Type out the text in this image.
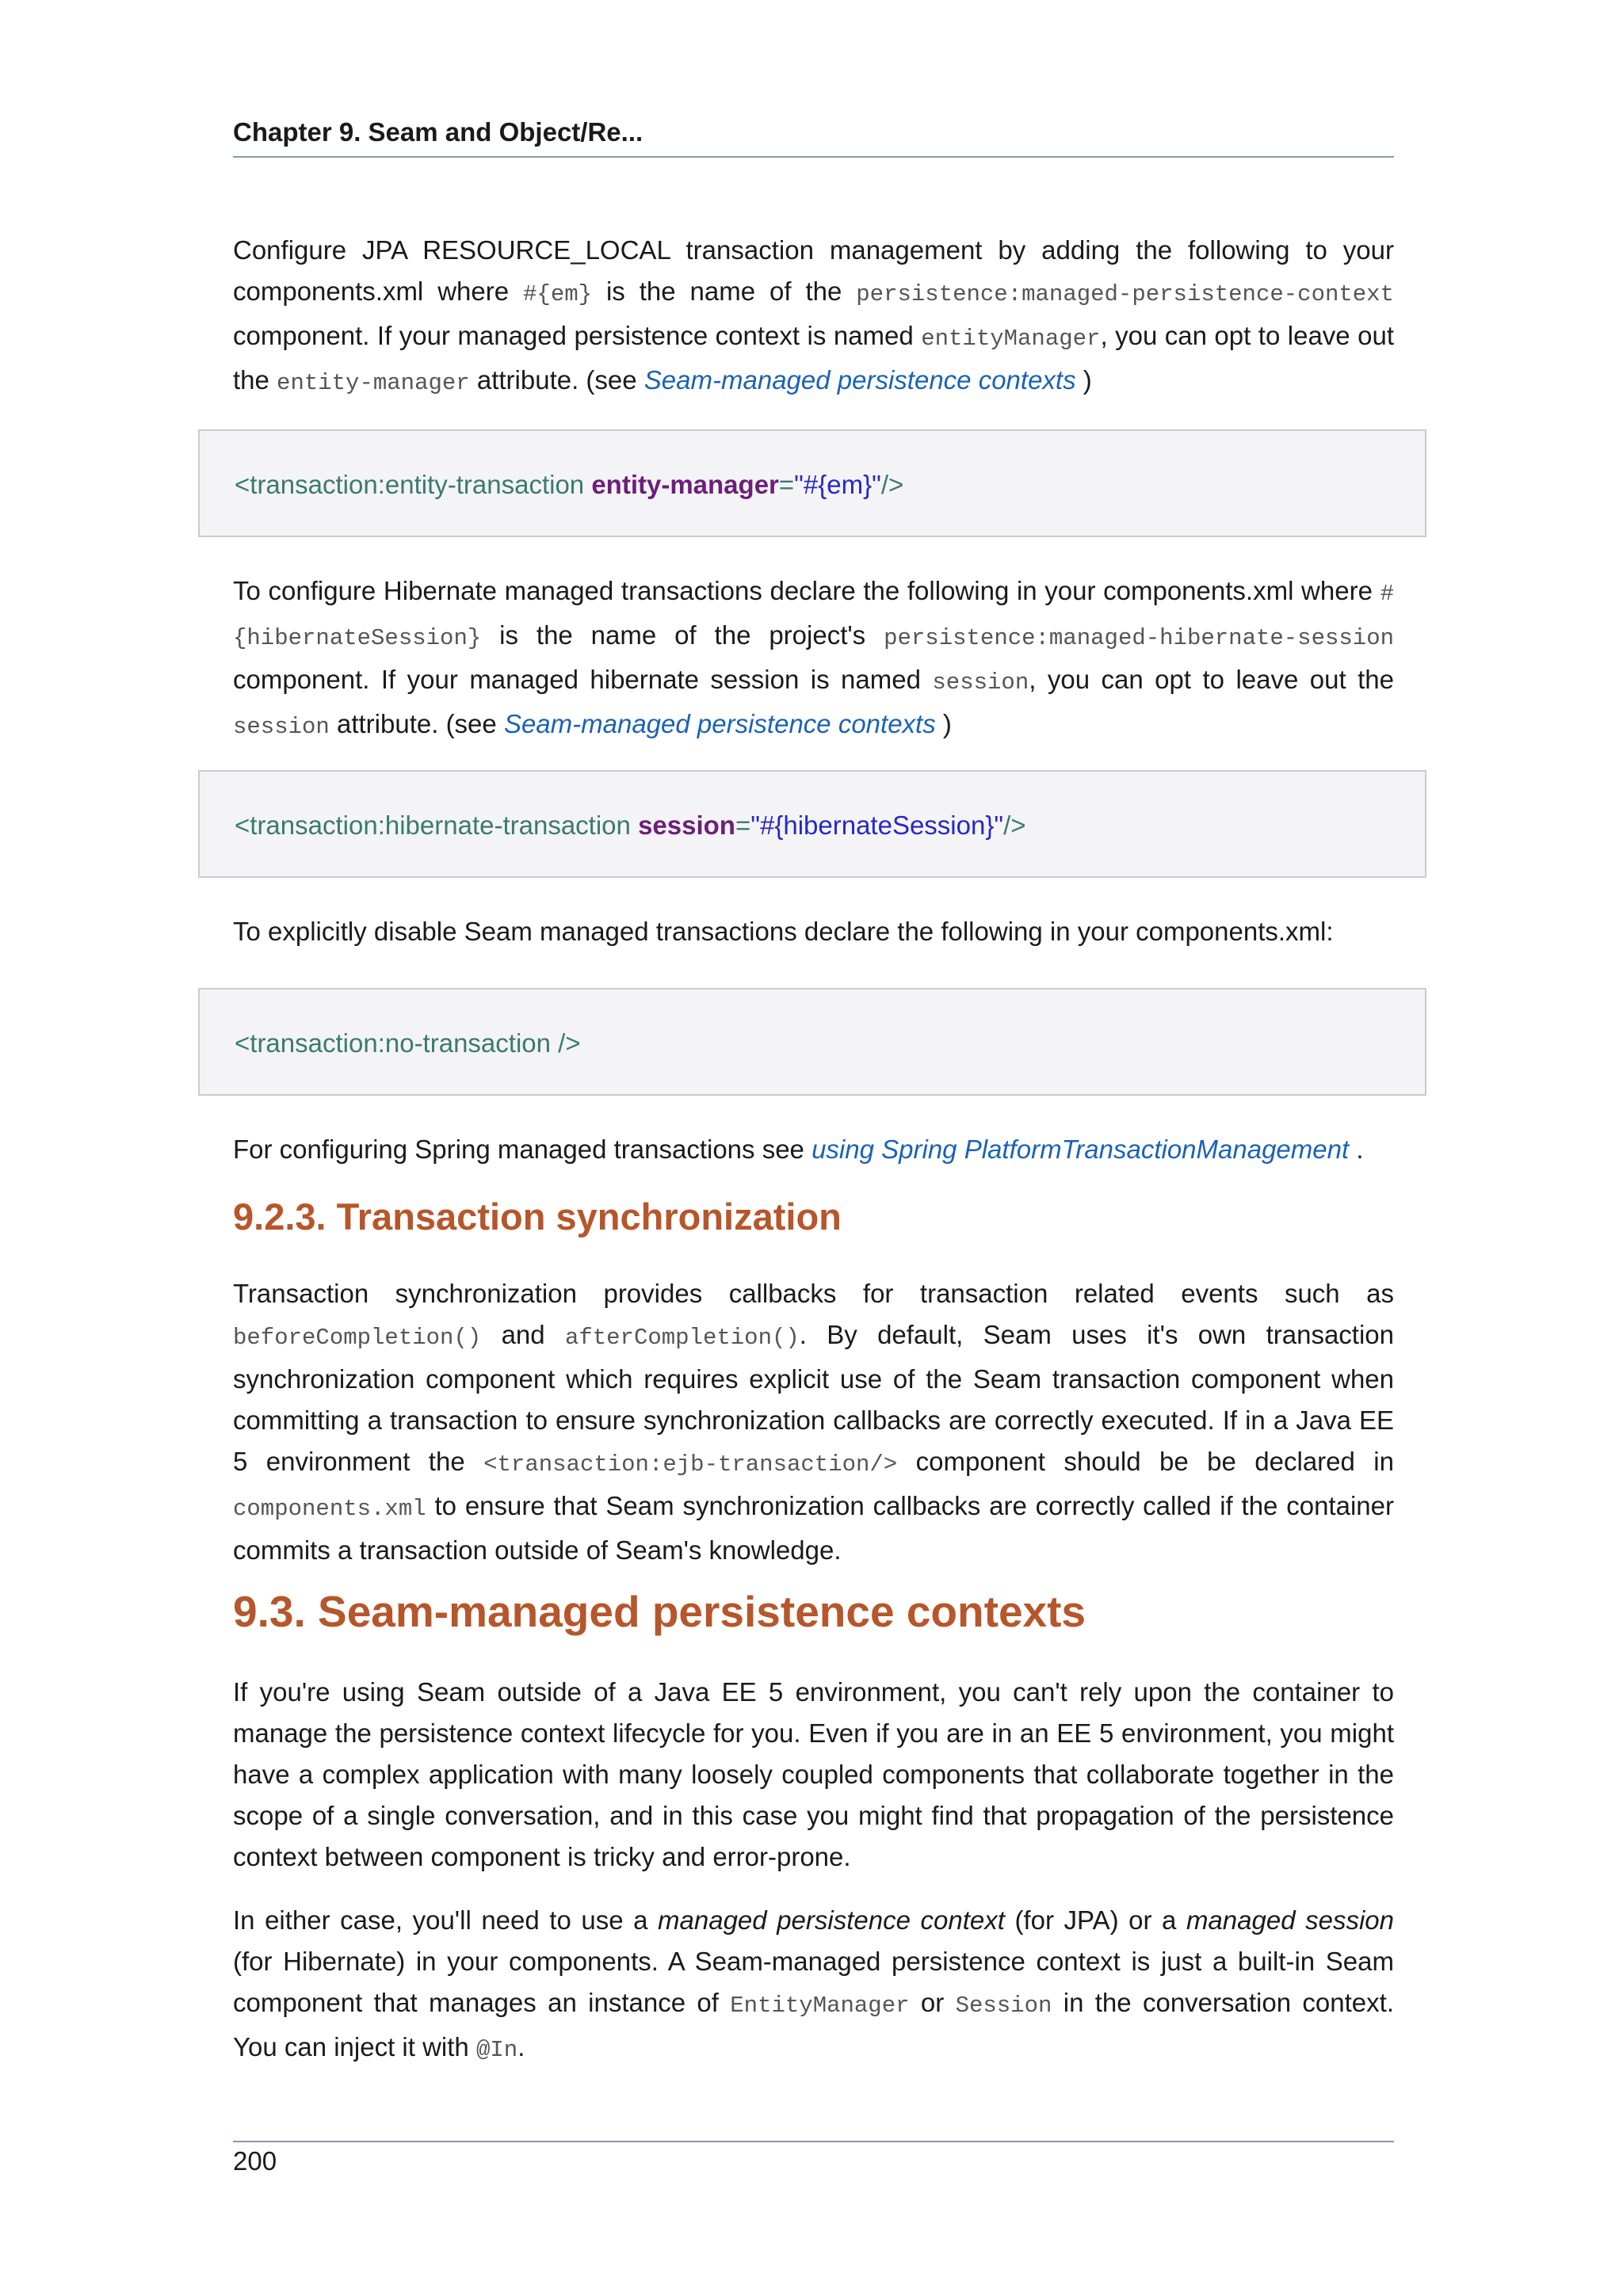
Chapter 9. Seam and Object/Re...

Configure JPA RESOURCE_LOCAL transaction management by adding the following to your components.xml where #{em} is the name of the persistence:managed-persistence-context component. If your managed persistence context is named entityManager, you can opt to leave out the entity-manager attribute. (see Seam-managed persistence contexts )

<transaction:entity-transaction entity-manager="#{em}"/>

To configure Hibernate managed transactions declare the following in your components.xml where #{hibernateSession} is the name of the project's persistence:managed-hibernate-session component. If your managed hibernate session is named session, you can opt to leave out the session attribute. (see Seam-managed persistence contexts )

<transaction:hibernate-transaction session="#{hibernateSession}"/>

To explicitly disable Seam managed transactions declare the following in your components.xml:

<transaction:no-transaction />

For configuring Spring managed transactions see using Spring PlatformTransactionManagement .

9.2.3. Transaction synchronization

Transaction synchronization provides callbacks for transaction related events such as beforeCompletion() and afterCompletion(). By default, Seam uses it's own transaction synchronization component which requires explicit use of the Seam transaction component when committing a transaction to ensure synchronization callbacks are correctly executed. If in a Java EE 5 environment the <transaction:ejb-transaction/> component should be be declared in components.xml to ensure that Seam synchronization callbacks are correctly called if the container commits a transaction outside of Seam's knowledge.

9.3. Seam-managed persistence contexts

If you're using Seam outside of a Java EE 5 environment, you can't rely upon the container to manage the persistence context lifecycle for you. Even if you are in an EE 5 environment, you might have a complex application with many loosely coupled components that collaborate together in the scope of a single conversation, and in this case you might find that propagation of the persistence context between component is tricky and error-prone.

In either case, you'll need to use a managed persistence context (for JPA) or a managed session (for Hibernate) in your components. A Seam-managed persistence context is just a built-in Seam component that manages an instance of EntityManager or Session in the conversation context. You can inject it with @In.

200
